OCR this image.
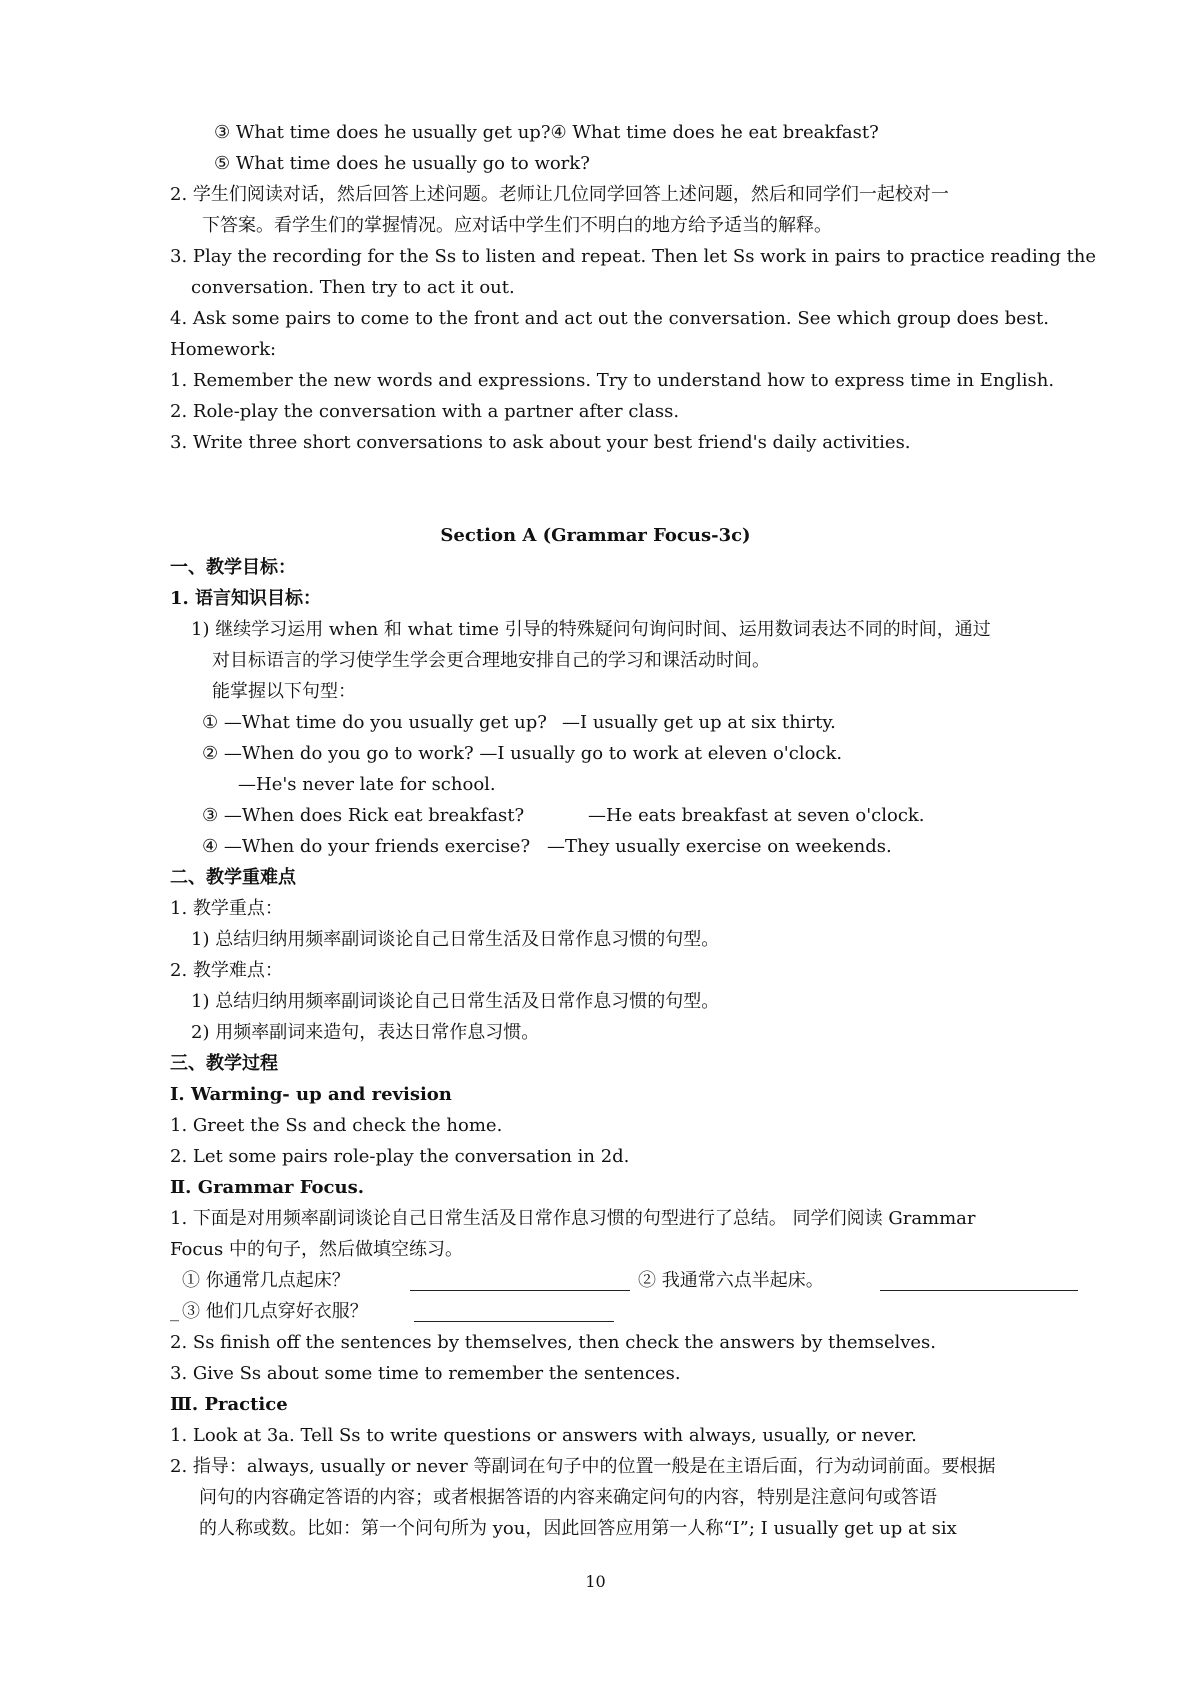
③ What time does he usually get up?④ What time does he eat breakfast?
⑤ What time does he usually go to work?
2. 学生们阅读对话，然后回答上述问题。老师让几位同学回答上述问题，然后和同学们一起校对一
下答案。看学生们的掌握情况。应对话中学生们不明白的地方给予适当的解释。
3. Play the recording for the Ss to listen and repeat. Then let Ss work in pairs to practice reading the
conversation. Then try to act it out.
4. Ask some pairs to come to the front and act out the conversation. See which group does best.
Homework:
1. Remember the new words and expressions. Try to understand how to express time in English.
2. Role-play the conversation with a partner after class.
3. Write three short conversations to ask about your best friend's daily activities.
Section A (Grammar Focus-3c)
一、教学目标：
1. 语言知识目标：
1) 继续学习运用 when 和 what time 引导的特殊疑问句询问时间、运用数词表达不同的时间，通过
对目标语言的学习使学生学会更合理地安排自己的学习和课活动时间。
能掌握以下句型：
① —What time do you usually get up? —I usually get up at six thirty.
② —When do you go to work? —I usually go to work at eleven o'clock.
—He's never late for school.
③ —When does Rick eat breakfast?	—He eats breakfast at seven o'clock.
④ —When do your friends exercise? —They usually exercise on weekends.
二、教学重难点
1. 教学重点：
1) 总结归纳用频率副词谈论自己日常生活及日常作息习惯的句型。
2. 教学难点：
1) 总结归纳用频率副词谈论自己日常生活及日常作息习惯的句型。
2) 用频率副词来造句，表达日常作息习惯。
三、教学过程
Ⅰ. Warming- up and revision
1. Greet the Ss and check the home.
2. Let some pairs role-play the conversation in 2d.
Ⅱ. Grammar Focus.
1. 下面是对用频率副词谈论自己日常生活及日常作息习惯的句型进行了总结。 同学们阅读 Grammar
Focus 中的句子，然后做填空练习。
① 你通常几点起床？	② 我通常六点半起床。
_ ③ 他们几点穿好衣服？
2. Ss finish off the sentences by themselves, then check the answers by themselves.
3. Give Ss about some time to remember the sentences.
Ⅲ. Practice
1. Look at 3a. Tell Ss to write questions or answers with always, usually, or never.
2. 指导：always, usually or never 等副词在句子中的位置一般是在主语后面，行为动词前面。要根据
问句的内容确定答语的内容；或者根据答语的内容来确定问句的内容，特别是注意问句或答语
的人称或数。比如：第一个问句所为 you，因此回答应用第一人称“I”; I usually get up at six
10
